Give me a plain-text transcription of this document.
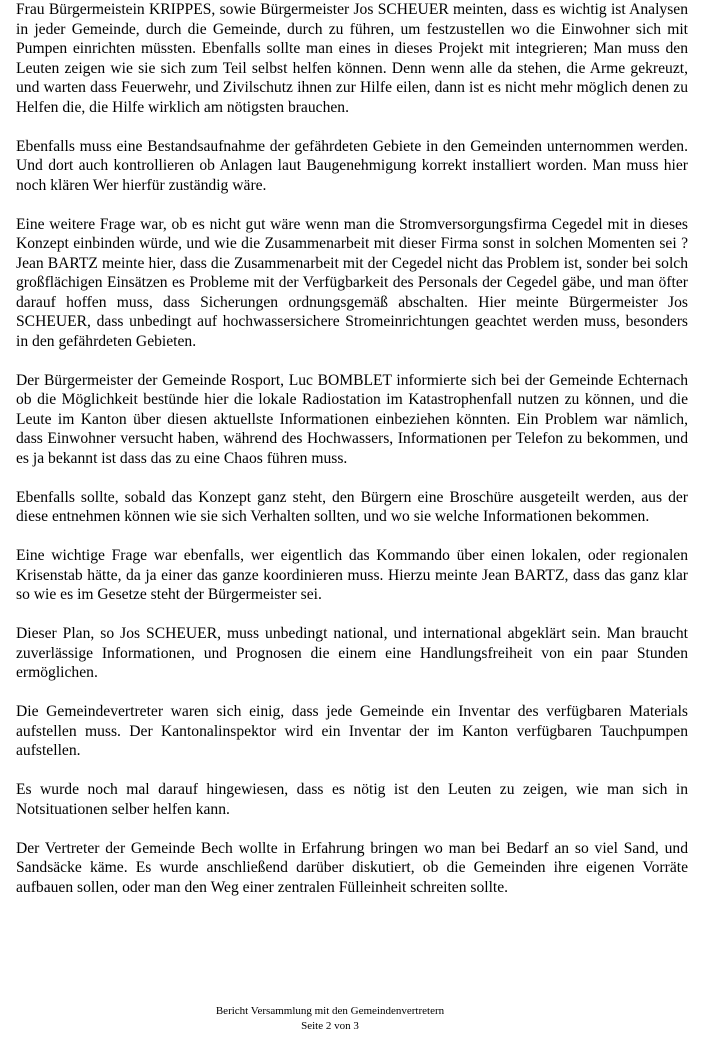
Frau Bürgermeistein KRIPPES, sowie Bürgermeister Jos SCHEUER meinten, dass es wichtig ist Analysen in jeder Gemeinde, durch die Gemeinde, durch zu führen, um festzustellen wo die Einwohner sich mit Pumpen einrichten müssten. Ebenfalls sollte man eines in dieses Projekt mit integrieren; Man muss den Leuten zeigen wie sie sich zum Teil selbst helfen können. Denn wenn alle da stehen, die Arme gekreuzt, und warten dass Feuerwehr, und Zivilschutz ihnen zur Hilfe eilen, dann ist es nicht mehr möglich denen zu Helfen die, die Hilfe wirklich am nötigsten brauchen.

Ebenfalls muss eine Bestandsaufnahme der gefährdeten Gebiete in den Gemeinden unternommen werden. Und dort auch kontrollieren ob Anlagen laut Baugenehmigung korrekt installiert worden. Man muss hier noch klären Wer hierfür zuständig wäre.

Eine weitere Frage war, ob es nicht gut wäre wenn man die Stromversorgungsfirma Cegedel mit in dieses Konzept einbinden würde, und wie die Zusammenarbeit mit dieser Firma sonst in solchen Momenten sei ? Jean BARTZ meinte hier, dass die Zusammenarbeit mit der Cegedel nicht das Problem ist, sonder bei solch großflächigen Einsätzen es Probleme mit der Verfügbarkeit des Personals der Cegedel gäbe, und man öfter darauf hoffen muss, dass Sicherungen ordnungsgemäß abschalten. Hier meinte Bürgermeister Jos SCHEUER, dass unbedingt auf hochwassersichere Stromeinrichtungen geachtet werden muss, besonders in den gefährdeten Gebieten.

Der Bürgermeister der Gemeinde Rosport, Luc BOMBLET informierte sich bei der Gemeinde Echternach ob die Möglichkeit bestünde hier die lokale Radiostation im Katastrophenfall nutzen zu können, und die Leute im Kanton über diesen aktuellste Informationen einbeziehen könnten. Ein Problem war nämlich, dass Einwohner versucht haben, während des Hochwassers, Informationen per Telefon zu bekommen, und es ja bekannt ist dass das zu eine Chaos führen muss.

Ebenfalls sollte, sobald das Konzept ganz steht, den Bürgern eine Broschüre ausgeteilt werden, aus der diese entnehmen können wie sie sich Verhalten sollten, und wo sie welche Informationen bekommen.

Eine wichtige Frage war ebenfalls, wer eigentlich das Kommando über einen lokalen, oder regionalen Krisenstab hätte, da ja einer das ganze koordinieren muss. Hierzu meinte Jean BARTZ, dass das ganz klar so wie es im Gesetze steht der Bürgermeister sei.

Dieser Plan, so Jos SCHEUER, muss unbedingt national, und international abgeklärt sein. Man braucht zuverlässige Informationen, und Prognosen die einem eine Handlungsfreiheit von ein paar Stunden ermöglichen.

Die Gemeindevertreter waren sich einig, dass jede Gemeinde ein Inventar des verfügbaren Materials aufstellen muss. Der Kantonalinspektor wird ein Inventar der im Kanton verfügbaren Tauchpumpen aufstellen.

Es wurde noch mal darauf hingewiesen, dass es nötig ist den Leuten zu zeigen, wie man sich in Notsituationen selber helfen kann.

Der Vertreter der Gemeinde Bech wollte in Erfahrung bringen wo man bei Bedarf an so viel Sand, und Sandsäcke käme. Es wurde anschließend darüber diskutiert, ob die Gemeinden ihre eigenen Vorräte aufbauen sollen, oder man den Weg einer zentralen Fülleinheit schreiten sollte.

Bericht Versammlung mit den Gemeindenvertretern
Seite 2 von 3
